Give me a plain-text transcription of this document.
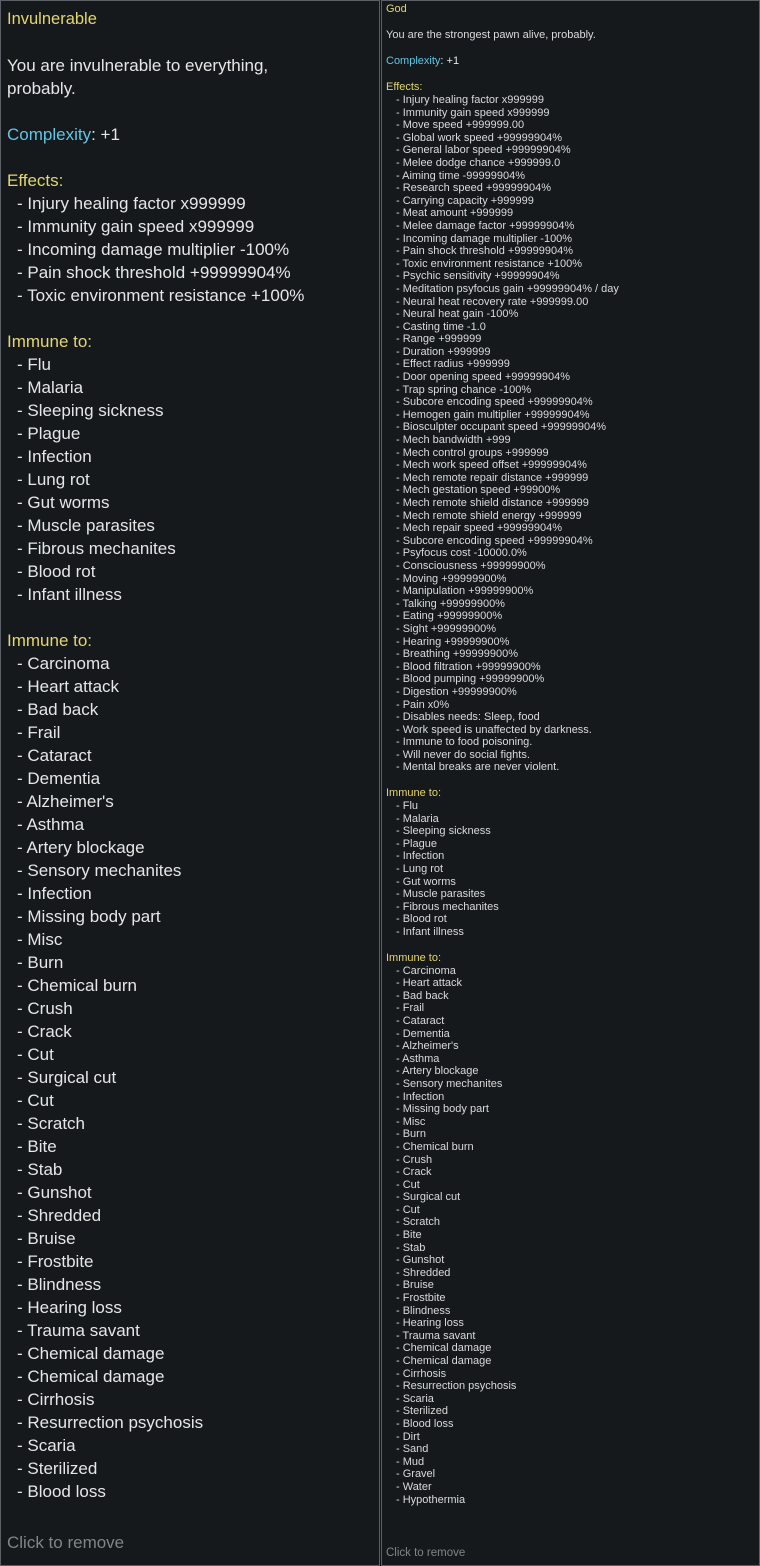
Invulnerable
You are invulnerable to everything, probably.
Complexity: +1
Effects:
- Injury healing factor x999999
- Immunity gain speed x999999
- Incoming damage multiplier -100%
- Pain shock threshold +99999904%
- Toxic environment resistance +100%
Immune to:
- Flu
- Malaria
- Sleeping sickness
- Plague
- Infection
- Lung rot
- Gut worms
- Muscle parasites
- Fibrous mechanites
- Blood rot
- Infant illness
Immune to:
- Carcinoma
- Heart attack
- Bad back
- Frail
- Cataract
- Dementia
- Alzheimer's
- Asthma
- Artery blockage
- Sensory mechanites
- Infection
- Missing body part
- Misc
- Burn
- Chemical burn
- Crush
- Crack
- Cut
- Surgical cut
- Cut
- Scratch
- Bite
- Stab
- Gunshot
- Shredded
- Bruise
- Frostbite
- Blindness
- Hearing loss
- Trauma savant
- Chemical damage
- Chemical damage
- Cirrhosis
- Resurrection psychosis
- Scaria
- Sterilized
- Blood loss
Click to remove
God
You are the strongest pawn alive, probably.
Complexity: +1
Effects:
- Injury healing factor x999999
- Immunity gain speed x999999
- Move speed +999999.00
- Global work speed +99999904%
- General labor speed +99999904%
- Melee dodge chance +999999.0
- Aiming time -99999904%
- Research speed +99999904%
- Carrying capacity +999999
- Meat amount +999999
- Melee damage factor +99999904%
- Incoming damage multiplier -100%
- Pain shock threshold +99999904%
- Toxic environment resistance +100%
- Psychic sensitivity +99999904%
- Meditation psyfocus gain +99999904% / day
- Neural heat recovery rate +999999.00
- Neural heat gain -100%
- Casting time -1.0
- Range +999999
- Duration +999999
- Effect radius +999999
- Door opening speed +99999904%
- Trap spring chance -100%
- Subcore encoding speed +99999904%
- Hemogen gain multiplier +99999904%
- Biosculpter occupant speed +99999904%
- Mech bandwidth +999
- Mech control groups +999999
- Mech work speed offset +99999904%
- Mech remote repair distance +999999
- Mech gestation speed +99900%
- Mech remote shield distance +999999
- Mech remote shield energy +999999
- Mech repair speed +99999904%
- Subcore encoding speed +99999904%
- Psyfocus cost -10000.0%
- Consciousness +99999900%
- Moving +99999900%
- Manipulation +99999900%
- Talking +99999900%
- Eating +99999900%
- Sight +99999900%
- Hearing +99999900%
- Breathing +99999900%
- Blood filtration +99999900%
- Blood pumping +99999900%
- Digestion +99999900%
- Pain x0%
- Disables needs: Sleep, food
- Work speed is unaffected by darkness.
- Immune to food poisoning.
- Will never do social fights.
- Mental breaks are never violent.
Immune to:
- Flu
- Malaria
- Sleeping sickness
- Plague
- Infection
- Lung rot
- Gut worms
- Muscle parasites
- Fibrous mechanites
- Blood rot
- Infant illness
Immune to:
- Carcinoma
- Heart attack
- Bad back
- Frail
- Cataract
- Dementia
- Alzheimer's
- Asthma
- Artery blockage
- Sensory mechanites
- Infection
- Missing body part
- Misc
- Burn
- Chemical burn
- Crush
- Crack
- Cut
- Surgical cut
- Cut
- Scratch
- Bite
- Stab
- Gunshot
- Shredded
- Bruise
- Frostbite
- Blindness
- Hearing loss
- Trauma savant
- Chemical damage
- Chemical damage
- Cirrhosis
- Resurrection psychosis
- Scaria
- Sterilized
- Blood loss
- Dirt
- Sand
- Mud
- Gravel
- Water
- Hypothermia
Click to remove
